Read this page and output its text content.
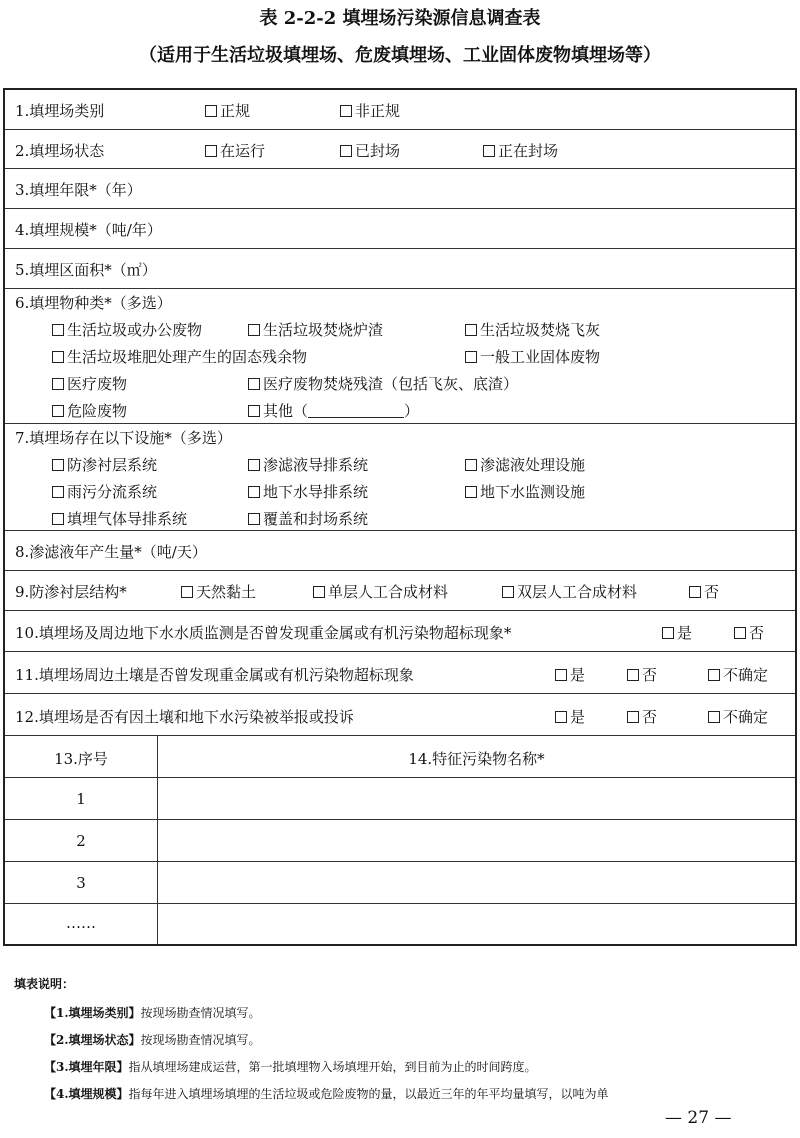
表 2-2-2 填埋场污染源信息调查表
（适用于生活垃圾填埋场、危废填埋场、工业固体废物填埋场等）
1.填埋场类别	正规	非正规
2.填埋场状态	在运行	已封场	正在封场
3.填埋年限*（年）
4.填埋规模*（吨/年）
5.填埋区面积*（㎡）
6.填埋物种类*（多选）
生活垃圾或办公废物	生活垃圾焚烧炉渣	生活垃圾焚烧飞灰
生活垃圾堆肥处理产生的固态残余物	一般工业固体废物
医疗废物	医疗废物焚烧残渣（包括飞灰、底渣）
危险废物	其他（	）
7.填埋场存在以下设施*（多选）
防渗衬层系统	渗滤液导排系统	渗滤液处理设施
雨污分流系统	地下水导排系统	地下水监测设施
填埋气体导排系统	覆盖和封场系统
8.渗滤液年产生量*（吨/天）
9.防渗衬层结构*	天然黏土	单层人工合成材料	双层人工合成材料	否
10.填埋场及周边地下水水质监测是否曾发现重金属或有机污染物超标现象*	是	否
11.填埋场周边土壤是否曾发现重金属或有机污染物超标现象	是	否	不确定
12.填埋场是否有因土壤和地下水污染被举报或投诉	是	否	不确定
13.序号	14.特征污染物名称*
1
2
3
……
填表说明：
【1.填埋场类别】按现场勘查情况填写。
【2.填埋场状态】按现场勘查情况填写。
【3.填埋年限】指从填埋场建成运营，第一批填埋物入场填埋开始，到目前为止的时间跨度。
【4.填埋规模】指每年进入填埋场填埋的生活垃圾或危险废物的量，以最近三年的年平均量填写，以吨为单
— 27 —
